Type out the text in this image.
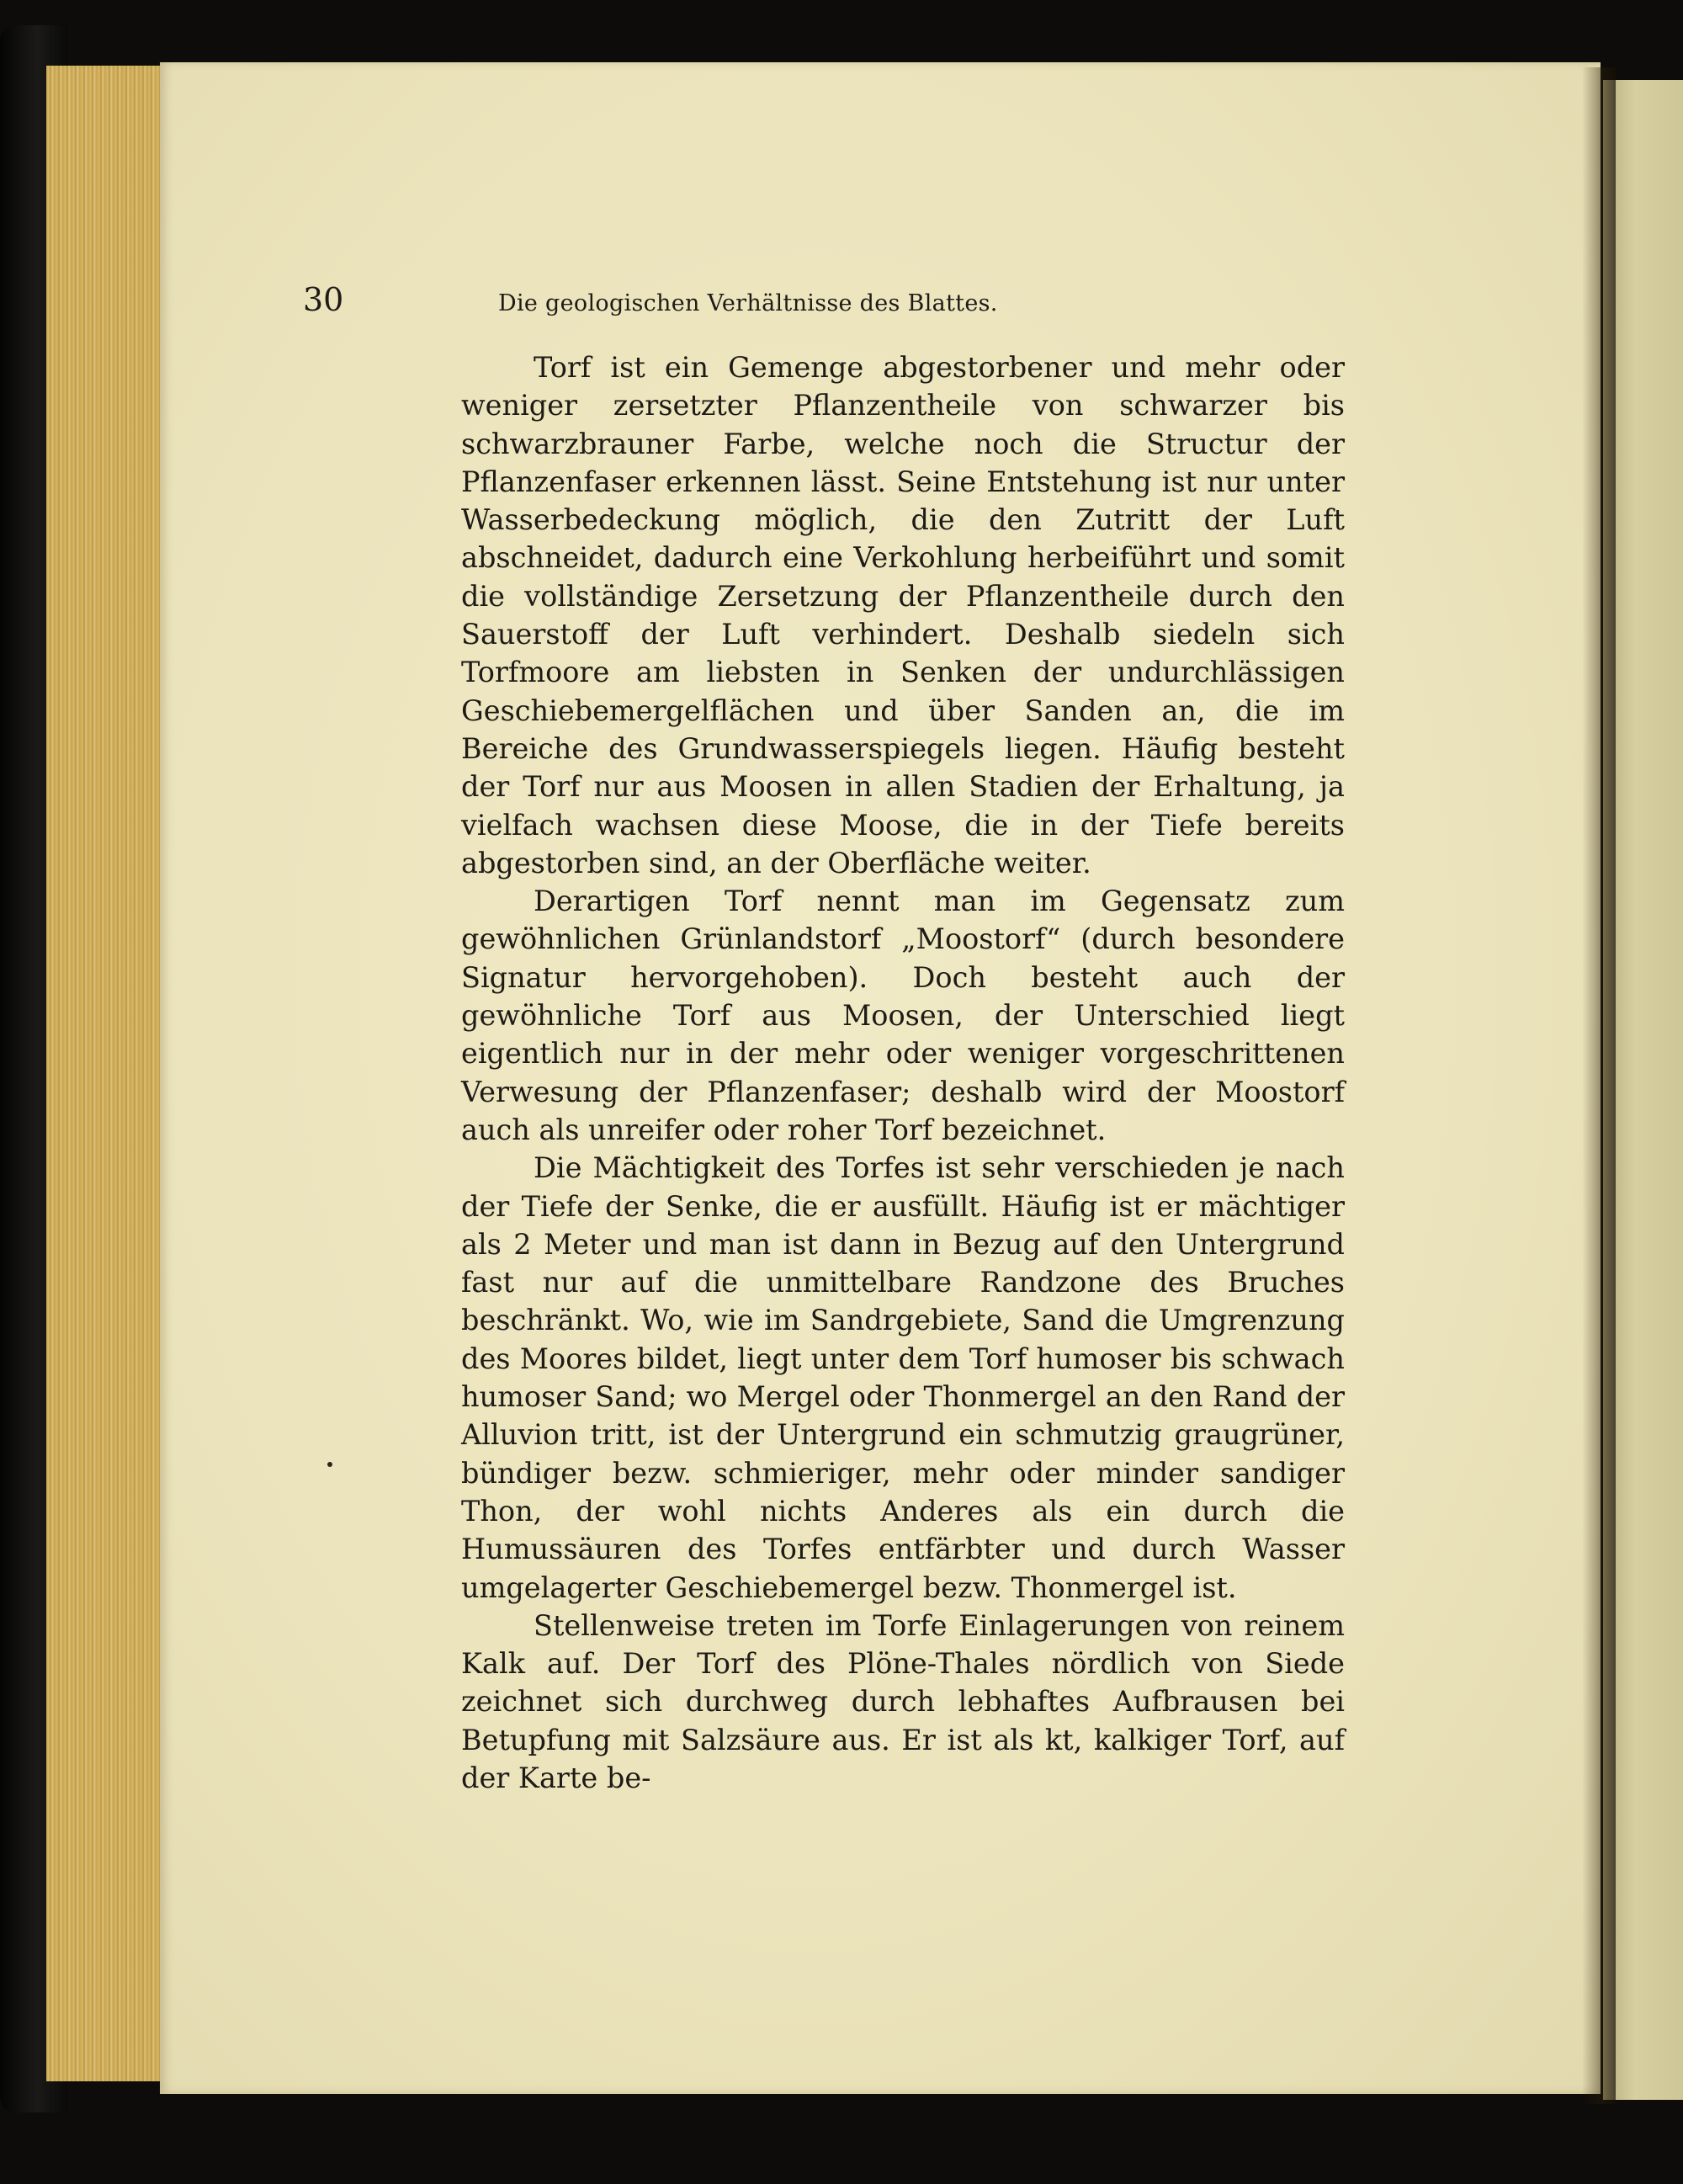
30	Die geologischen Verhältnisse des Blattes.

Torf ist ein Gemenge abgestorbener und mehr oder weniger zersetzter Pflanzentheile von schwarzer bis schwarzbrauner Farbe, welche noch die Structur der Pflanzenfaser erkennen lässt. Seine Entstehung ist nur unter Wasserbedeckung möglich, die den Zutritt der Luft abschneidet, dadurch eine Verkohlung herbeiführt und somit die vollständige Zersetzung der Pflanzentheile durch den Sauerstoff der Luft verhindert. Deshalb siedeln sich Torfmoore am liebsten in Senken der undurchlässigen Geschiebemergelflächen und über Sanden an, die im Bereiche des Grundwasserspiegels liegen. Häufig besteht der Torf nur aus Moosen in allen Stadien der Erhaltung, ja vielfach wachsen diese Moose, die in der Tiefe bereits abgestorben sind, an der Oberfläche weiter.

Derartigen Torf nennt man im Gegensatz zum gewöhnlichen Grünlandstorf „Moostorf“ (durch besondere Signatur hervorgehoben). Doch besteht auch der gewöhnliche Torf aus Moosen, der Unterschied liegt eigentlich nur in der mehr oder weniger vorgeschrittenen Verwesung der Pflanzenfaser; deshalb wird der Moostorf auch als unreifer oder roher Torf bezeichnet.

Die Mächtigkeit des Torfes ist sehr verschieden je nach der Tiefe der Senke, die er ausfüllt. Häufig ist er mächtiger als 2 Meter und man ist dann in Bezug auf den Untergrund fast nur auf die unmittelbare Randzone des Bruches beschränkt. Wo, wie im Sandrgebiete, Sand die Umgrenzung des Moores bildet, liegt unter dem Torf humoser bis schwach humoser Sand; wo Mergel oder Thonmergel an den Rand der Alluvion tritt, ist der Untergrund ein schmutzig graugrüner, bündiger bezw. schmieriger, mehr oder minder sandiger Thon, der wohl nichts Anderes als ein durch die Humussäuren des Torfes entfärbter und durch Wasser umgelagerter Geschiebemergel bezw. Thonmergel ist.

Stellenweise treten im Torfe Einlagerungen von reinem Kalk auf. Der Torf des Plöne-Thales nördlich von Siede zeichnet sich durchweg durch lebhaftes Aufbrausen bei Betupfung mit Salzsäure aus. Er ist als kt, kalkiger Torf, auf der Karte be-
